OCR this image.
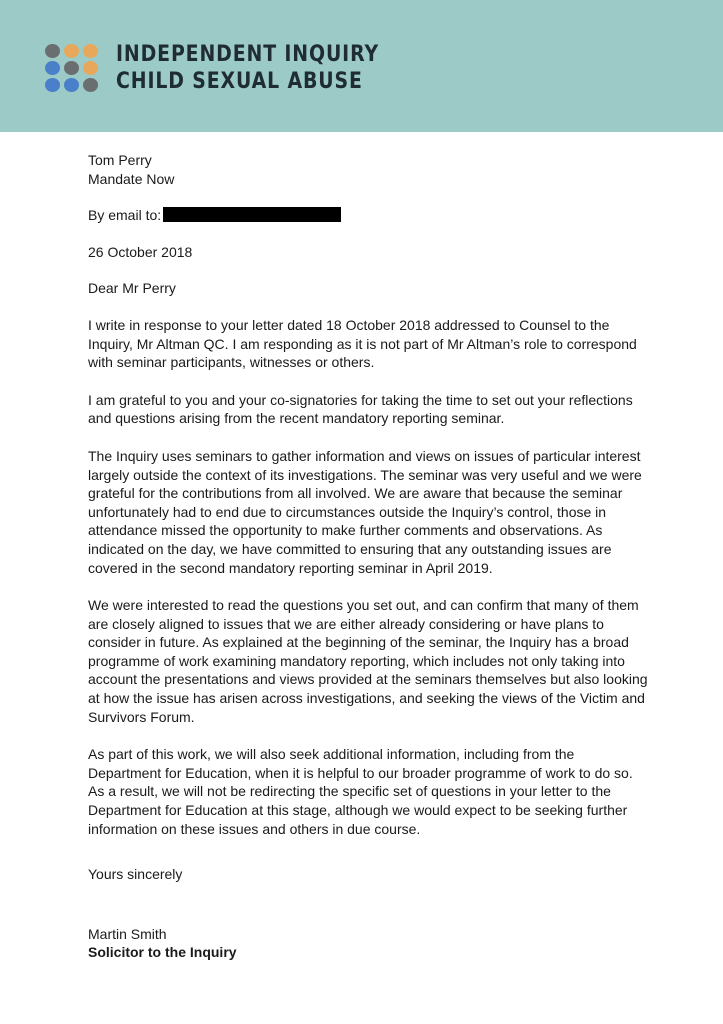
INDEPENDENT INQUIRY
CHILD SEXUAL ABUSE

Tom Perry

Mandate Now

By email to:

26 October 2018

Dear Mr Perry

I write in response to your letter dated 18 October 2018 addressed to Counsel to the Inquiry, Mr Altman QC. I am responding as it is not part of Mr Altman’s role to correspond with seminar participants, witnesses or others.

I am grateful to you and your co-signatories for taking the time to set out your reflections and questions arising from the recent mandatory reporting seminar.

The Inquiry uses seminars to gather information and views on issues of particular interest largely outside the context of its investigations. The seminar was very useful and we were grateful for the contributions from all involved. We are aware that because the seminar unfortunately had to end due to circumstances outside the Inquiry’s control, those in attendance missed the opportunity to make further comments and observations. As indicated on the day, we have committed to ensuring that any outstanding issues are covered in the second mandatory reporting seminar in April 2019.

We were interested to read the questions you set out, and can confirm that many of them are closely aligned to issues that we are either already considering or have plans to consider in future. As explained at the beginning of the seminar, the Inquiry has a broad programme of work examining mandatory reporting, which includes not only taking into account the presentations and views provided at the seminars themselves but also looking at how the issue has arisen across investigations, and seeking the views of the Victim and Survivors Forum.

As part of this work, we will also seek additional information, including from the Department for Education, when it is helpful to our broader programme of work to do so. As a result, we will not be redirecting the specific set of questions in your letter to the Department for Education at this stage, although we would expect to be seeking further information on these issues and others in due course.

Yours sincerely

Martin Smith

Solicitor to the Inquiry
